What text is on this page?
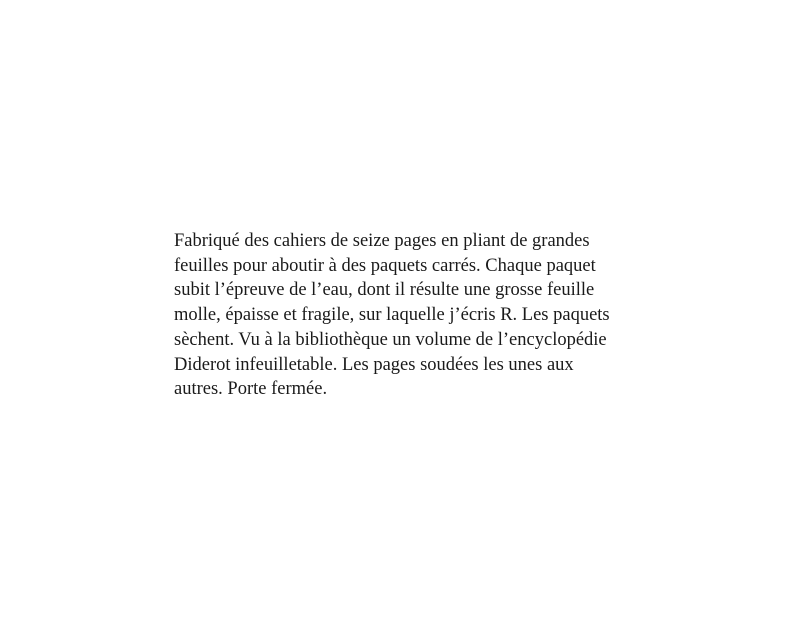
Fabriqué des cahiers de seize pages en pliant de grandes
feuilles pour aboutir à des paquets carrés. Chaque paquet
subit l’épreuve de l’eau, dont il résulte une grosse feuille
molle, épaisse et fragile, sur laquelle j’écris R. Les paquets
sèchent. Vu à la bibliothèque un volume de l’encyclopédie
Diderot infeuilletable. Les pages soudées les unes aux
autres. Porte fermée.
